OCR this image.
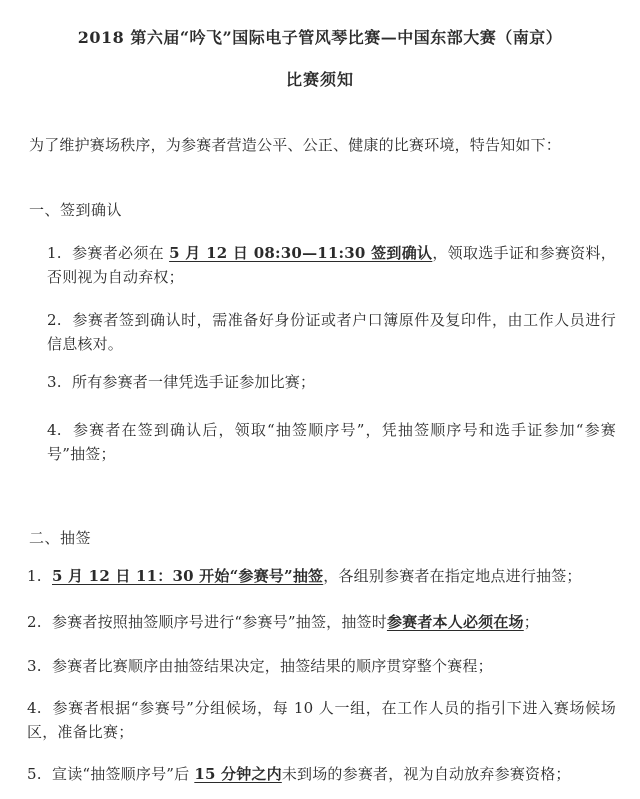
2018 第六届“吟飞”国际电子管风琴比赛—中国东部大赛（南京）
比赛须知

为了维护赛场秩序，为参赛者营造公平、公正、健康的比赛环境，特告知如下：

一、签到确认

1. 参赛者必须在 5 月 12 日 08:30—11:30 签到确认，领取选手证和参赛资料，否则视为自动弃权；

2. 参赛者签到确认时，需准备好身份证或者户口簿原件及复印件，由工作人员进行信息核对。

3. 所有参赛者一律凭选手证参加比赛；

4. 参赛者在签到确认后，领取“抽签顺序号”，凭抽签顺序号和选手证参加“参赛号”抽签；

二、抽签

1. 5 月 12 日 11：30 开始“参赛号”抽签，各组别参赛者在指定地点进行抽签；

2. 参赛者按照抽签顺序号进行“参赛号”抽签，抽签时参赛者本人必须在场；

3. 参赛者比赛顺序由抽签结果决定，抽签结果的顺序贯穿整个赛程；

4. 参赛者根据“参赛号”分组候场，每 10 人一组，在工作人员的指引下进入赛场候场区，准备比赛；

5. 宣读“抽签顺序号”后 15 分钟之内未到场的参赛者，视为自动放弃参赛资格；
